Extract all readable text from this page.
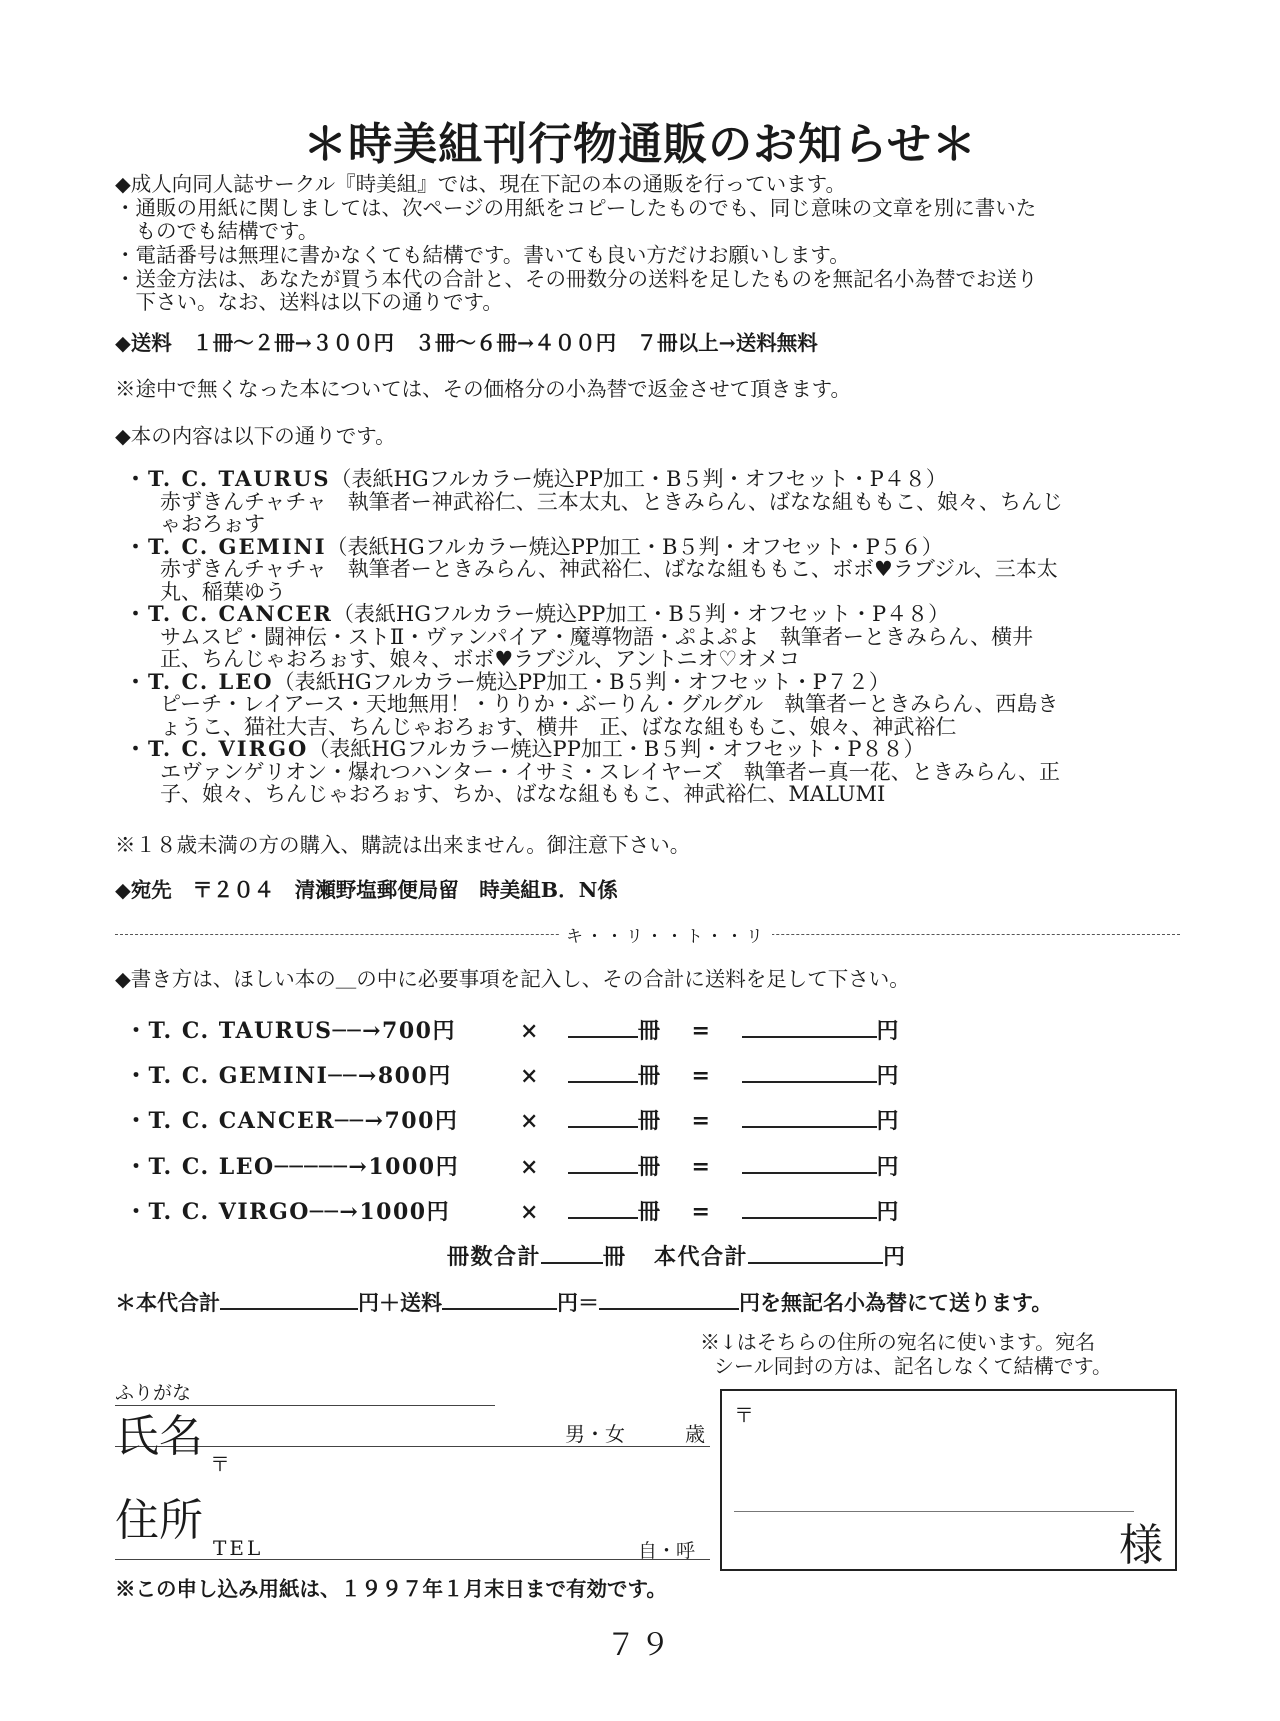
＊時美組刊行物通販のお知らせ＊
◆成人向同人誌サークル『時美組』では、現在下記の本の通販を行っています。
・通販の用紙に関しましては、次ページの用紙をコピーしたものでも、同じ意味の文章を別に書いた
　ものでも結構です。
・電話番号は無理に書かなくても結構です。書いても良い方だけお願いします。
・送金方法は、あなたが買う本代の合計と、その冊数分の送料を足したものを無記名小為替でお送り
　下さい。なお、送料は以下の通りです。
◆送料　１冊～２冊→３００円　３冊～６冊→４００円　７冊以上→送料無料
※途中で無くなった本については、その価格分の小為替で返金させて頂きます。
◆本の内容は以下の通りです。
・T. C. TAURUS（表紙HGフルカラー焼込PP加工・B５判・オフセット・P４８）
赤ずきんチャチャ　執筆者ー神武裕仁、三本太丸、ときみらん、ばなな組ももこ、娘々、ちんじ
ゃおろぉす
・T. C. GEMINI（表紙HGフルカラー焼込PP加工・B５判・オフセット・P５６）
赤ずきんチャチャ　執筆者ーときみらん、神武裕仁、ばなな組ももこ、ボボ♥ラブジル、三本太
丸、稲葉ゆう
・T. C. CANCER（表紙HGフルカラー焼込PP加工・B５判・オフセット・P４８）
サムスピ・闘神伝・ストⅡ・ヴァンパイア・魔導物語・ぷよぷよ　執筆者ーときみらん、横井
正、ちんじゃおろぉす、娘々、ボボ♥ラブジル、アントニオ♡オメコ
・T. C. LEO（表紙HGフルカラー焼込PP加工・B５判・オフセット・P７２）
ピーチ・レイアース・天地無用！・りりか・ぶーりん・グルグル　執筆者ーときみらん、西島き
ょうこ、猫社大吉、ちんじゃおろぉす、横井　正、ばなな組ももこ、娘々、神武裕仁
・T. C. VIRGO（表紙HGフルカラー焼込PP加工・B５判・オフセット・P８８）
エヴァンゲリオン・爆れつハンター・イサミ・スレイヤーズ　執筆者ー真一花、ときみらん、正
子、娘々、ちんじゃおろぉす、ちか、ばなな組ももこ、神武裕仁、MALUMI
※１８歳未満の方の購入、購読は出来ません。御注意下さい。
◆宛先　〒２０４　清瀬野塩郵便局留　時美組B．N係
キ・・リ・・ト・・リ
◆書き方は、ほしい本の＿の中に必要事項を記入し、その合計に送料を足して下さい。
・T. C. TAURUS──→700円	×	冊 =	円
・T. C. GEMINI──→800円	×	冊 =	円
・T. C. CANCER──→700円	×	冊 =	円
・T. C. LEO─────→1000円	×	冊 =	円
・T. C. VIRGO──→1000円	×	冊 =	円
冊数合計	冊 本代合計	円
＊本代合計	円＋送料	円＝	円を無記名小為替にて送ります。
※↓はそちらの住所の宛名に使います。宛名
シール同封の方は、記名しなくて結構です。
ふりがな
氏名	男・女	歳
〒
住所
TEL	自・呼
〒
様
※この申し込み用紙は、１９９７年１月末日まで有効です。
７９
